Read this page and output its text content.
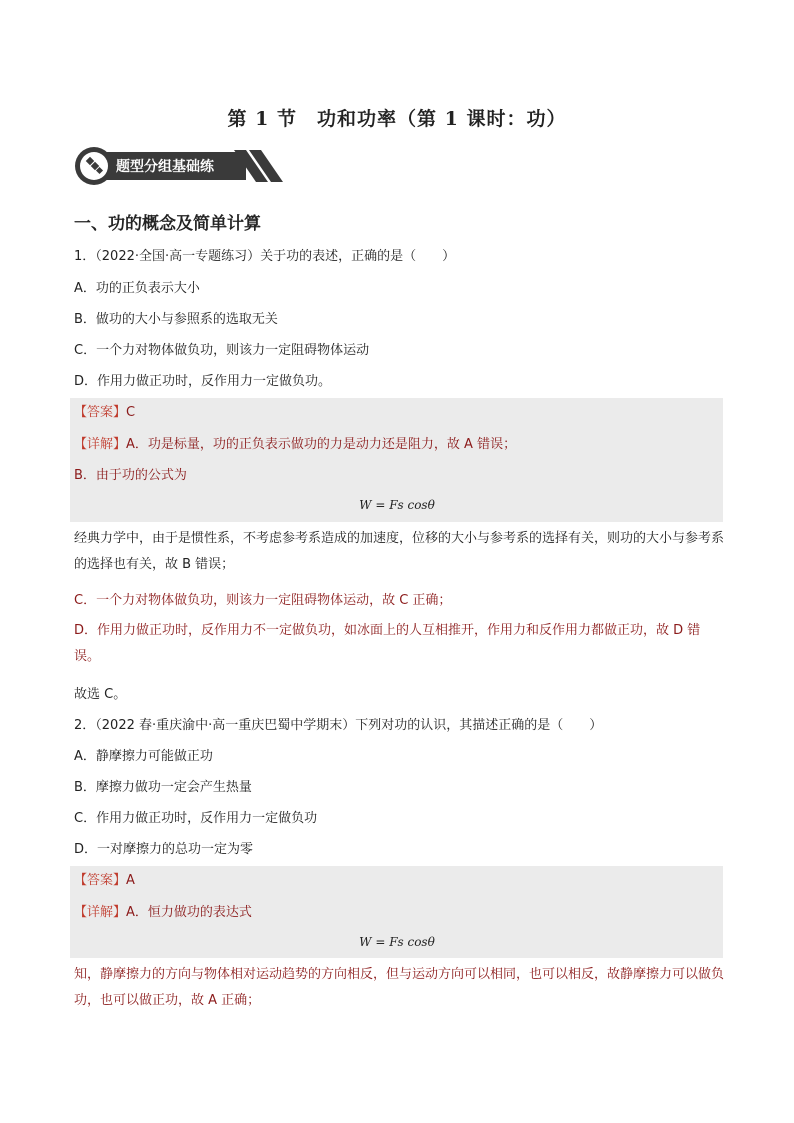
第 1 节　功和功率（第 1 课时：功）
题型分组基础练
一、功的概念及简单计算
1．（2022·全国·高一专题练习）关于功的表述，正确的是（　　）
A．功的正负表示大小
B．做功的大小与参照系的选取无关
C．一个力对物体做负功，则该力一定阻碍物体运动
D．作用力做正功时，反作用力一定做负功。
【答案】C
【详解】A．功是标量，功的正负表示做功的力是动力还是阻力，故 A 错误；
B．由于功的公式为
W = Fs cosθ
经典力学中，由于是惯性系，不考虑参考系造成的加速度，位移的大小与参考系的选择有关，则功的大小与参考系的选择也有关，故 B 错误；
C．一个力对物体做负功，则该力一定阻碍物体运动，故 C 正确；
D．作用力做正功时，反作用力不一定做负功，如冰面上的人互相推开，作用力和反作用力都做正功，故 D 错误。
故选 C。
2．（2022 春·重庆渝中·高一重庆巴蜀中学期末）下列对功的认识，其描述正确的是（　　）
A．静摩擦力可能做正功
B．摩擦力做功一定会产生热量
C．作用力做正功时，反作用力一定做负功
D．一对摩擦力的总功一定为零
【答案】A
【详解】A．恒力做功的表达式
W = Fs cosθ
知，静摩擦力的方向与物体相对运动趋势的方向相反，但与运动方向可以相同，也可以相反，故静摩擦力可以做负功，也可以做正功，故 A 正确；
